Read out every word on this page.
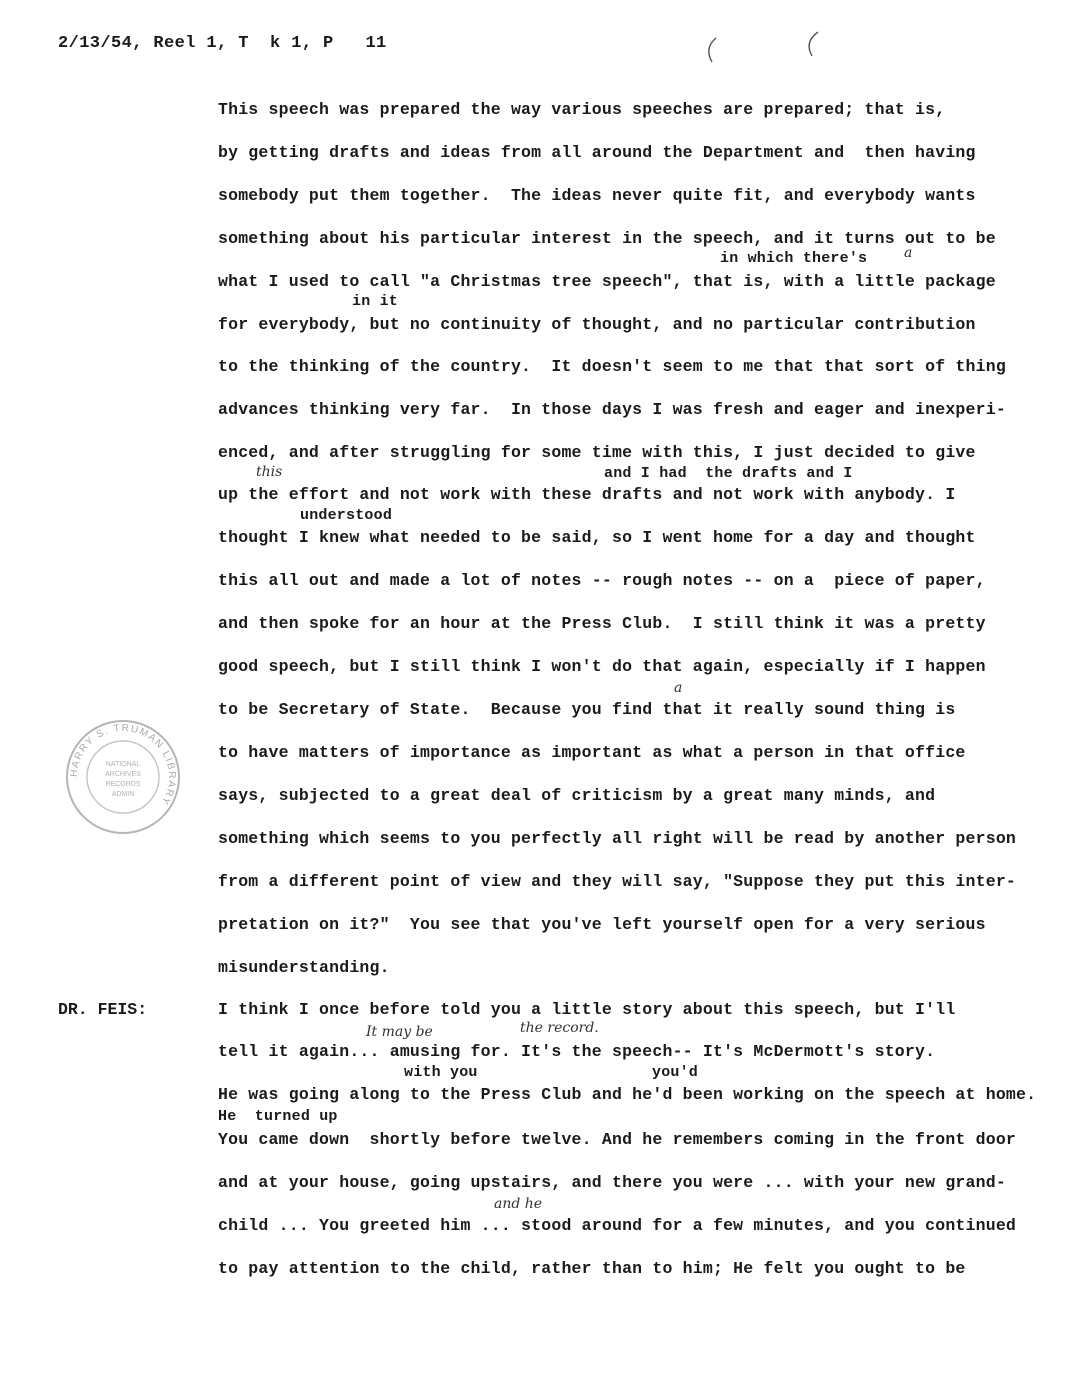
2/13/54, Reel 1, T  k 1, P   11
This speech was prepared the way various speeches are prepared; that is,
by getting drafts and ideas from all around the Department and  then having
somebody put them together.  The ideas never quite fit, and everybody wants
something about his particular interest in the speech, and it turns out to be
in which there's	a
what I used to call "a Christmas tree speech", that is, with a little package
in it
for everybody, but no continuity of thought, and no particular contribution
to the thinking of the country.  It doesn't seem to me that that sort of thing
advances thinking very far.  In those days I was fresh and eager and inexperi-
enced, and after struggling for some time with this, I just decided to give
and I had  the drafts and I
this
up the effort and not work with these drafts and not work with anybody. I
understood
thought I knew what needed to be said, so I went home for a day and thought
this all out and made a lot of notes -- rough notes -- on a  piece of paper,
and then spoke for an hour at the Press Club.  I still think it was a pretty
good speech, but I still think I won't do that again, especially if I happen
a
to be Secretary of State.  Because you find that it really sound thing is
to have matters of importance as important as what a person in that office
says, subjected to a great deal of criticism by a great many minds, and
something which seems to you perfectly all right will be read by another person
from a different point of view and they will say, "Suppose they put this inter-
pretation on it?"  You see that you've left yourself open for a very serious
misunderstanding.
HARRY S. TRUMAN LIBRARY
NATIONAL
ARCHIVES
RECORDS
ADMIN
DR. FEIS:	I think I once before told you a little story about this speech, but I'll
It may be	the record.
tell it again... amusing for. It's the speech-- It's McDermott's story.
with you	you'd
He was going along to the Press Club and he'd been working on the speech at home.
He  turned up
You came down  shortly before twelve. And he remembers coming in the front door
and at your house, going upstairs, and there you were ... with your new grand-
and he
child ... You greeted him ... stood around for a few minutes, and you continued
to pay attention to the child, rather than to him; He felt you ought to be
